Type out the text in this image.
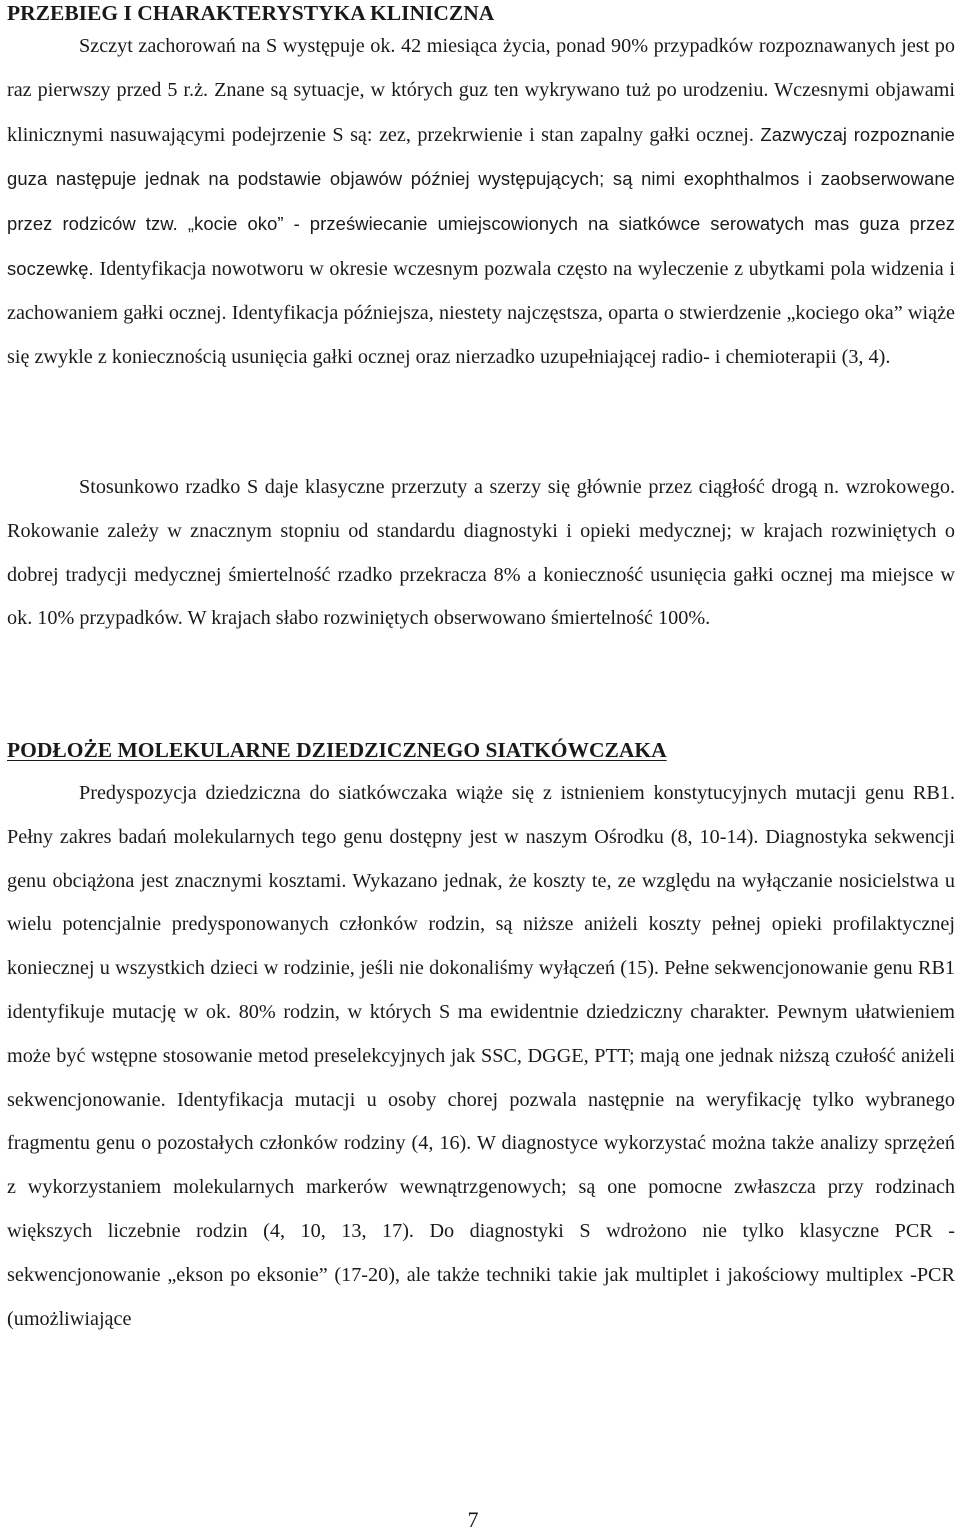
PRZEBIEG I CHARAKTERYSTYKA KLINICZNA

Szczyt zachorowań na S występuje ok. 42 miesiąca życia, ponad 90% przypadków rozpoznawanych jest po raz pierwszy przed 5 r.ż. Znane są sytuacje, w których guz ten wykrywano tuż po urodzeniu. Wczesnymi objawami klinicznymi nasuwającymi podejrzenie S są: zez, przekrwienie i stan zapalny gałki ocznej. Zazwyczaj rozpoznanie guza następuje jednak na podstawie objawów później występujących; są nimi exophthalmos i zaobserwowane przez rodziców tzw. „kocie oko” - przeświecanie umiejscowionych na siatkówce serowatych mas guza przez soczewkę. Identyfikacja nowotworu w okresie wczesnym pozwala często na wyleczenie z ubytkami pola widzenia i zachowaniem gałki ocznej. Identyfikacja późniejsza, niestety najczęstsza, oparta o stwierdzenie „kociego oka” wiąże się zwykle z koniecznością usunięcia gałki ocznej oraz nierzadko uzupełniającej radio- i chemioterapii (3, 4).

Stosunkowo rzadko S daje klasyczne przerzuty a szerzy się głównie przez ciągłość drogą n. wzrokowego. Rokowanie zależy w znacznym stopniu od standardu diagnostyki i opieki medycznej; w krajach rozwiniętych o dobrej tradycji medycznej śmiertelność rzadko przekracza 8% a konieczność usunięcia gałki ocznej ma miejsce w ok. 10% przypadków. W krajach słabo rozwiniętych obserwowano śmiertelność 100%.

PODŁOŻE MOLEKULARNE DZIEDZICZNEGO SIATKÓWCZAKA

Predyspozycja dziedziczna do siatkówczaka wiąże się z istnieniem konstytucyjnych mutacji genu RB1. Pełny zakres badań molekularnych tego genu dostępny jest w naszym Ośrodku (8, 10-14). Diagnostyka sekwencji genu obciążona jest znacznymi kosztami. Wykazano jednak, że koszty te, ze względu na wyłączanie nosicielstwa u wielu potencjalnie predysponowanych członków rodzin, są niższe aniżeli koszty pełnej opieki profilaktycznej koniecznej u wszystkich dzieci w rodzinie, jeśli nie dokonaliśmy wyłączeń (15). Pełne sekwencjonowanie genu RB1 identyfikuje mutację w ok. 80% rodzin, w których S ma ewidentnie dziedziczny charakter. Pewnym ułatwieniem może być wstępne stosowanie metod preselekcyjnych jak SSC, DGGE, PTT; mają one jednak niższą czułość aniżeli sekwencjonowanie. Identyfikacja mutacji u osoby chorej pozwala następnie na weryfikację tylko wybranego fragmentu genu o pozostałych członków rodziny (4, 16). W diagnostyce wykorzystać można także analizy sprzężeń z wykorzystaniem molekularnych markerów wewnątrzgenowych; są one pomocne zwłaszcza przy rodzinach większych liczebnie rodzin (4, 10, 13, 17). Do diagnostyki S wdrożono nie tylko klasyczne PCR - sekwencjonowanie „ekson po eksonie” (17-20), ale także techniki takie jak multiplet i jakościowy multiplex -PCR (umożliwiające

7
